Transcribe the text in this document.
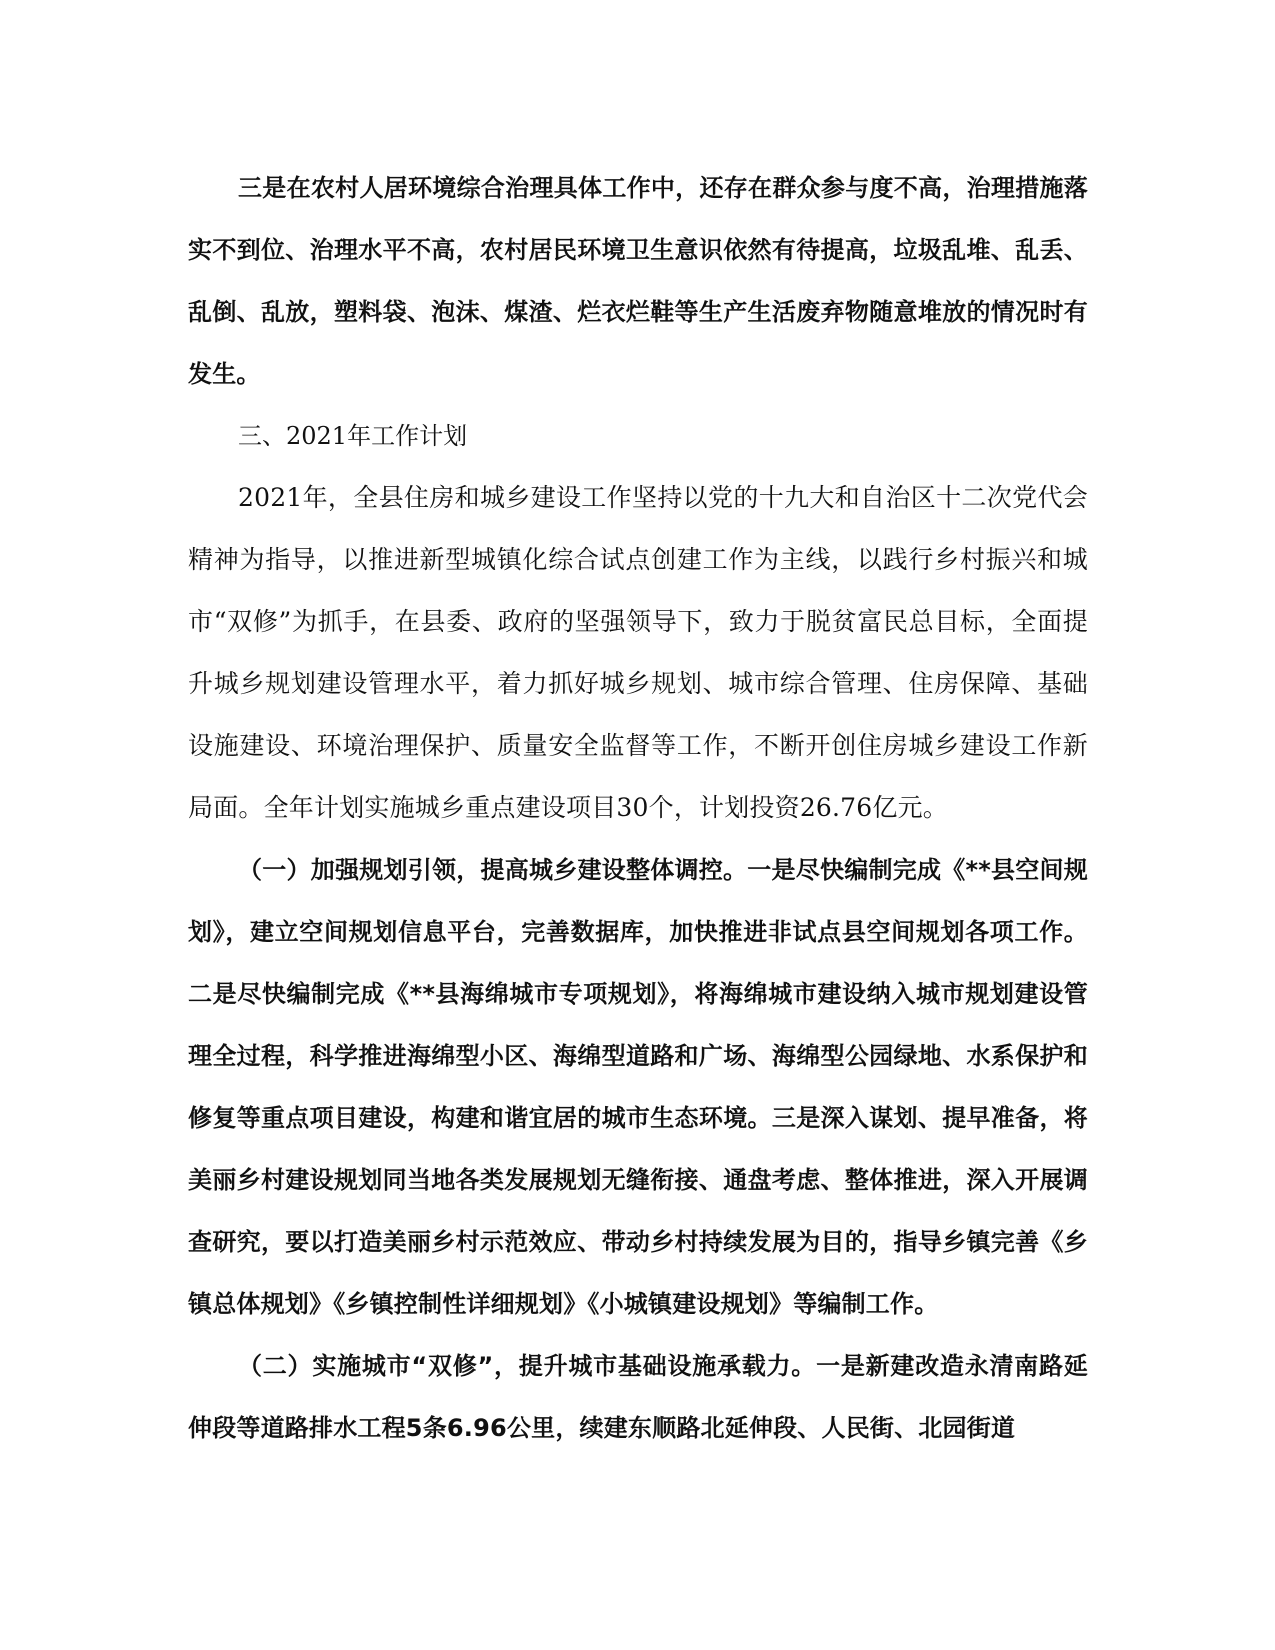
三是在农村人居环境综合治理具体工作中，还存在群众参与度不高，治理措施落实不到位、治理水平不高，农村居民环境卫生意识依然有待提高，垃圾乱堆、乱丢、乱倒、乱放，塑料袋、泡沫、煤渣、烂衣烂鞋等生产生活废弃物随意堆放的情况时有发生。

三、2021年工作计划

2021年，全县住房和城乡建设工作坚持以党的十九大和自治区十二次党代会精神为指导，以推进新型城镇化综合试点创建工作为主线，以践行乡村振兴和城市“双修”为抓手，在县委、政府的坚强领导下，致力于脱贫富民总目标，全面提升城乡规划建设管理水平，着力抓好城乡规划、城市综合管理、住房保障、基础设施建设、环境治理保护、质量安全监督等工作，不断开创住房城乡建设工作新局面。全年计划实施城乡重点建设项目30个，计划投资26.76亿元。

（一）加强规划引领，提高城乡建设整体调控。一是尽快编制完成《**县空间规划》，建立空间规划信息平台，完善数据库，加快推进非试点县空间规划各项工作。二是尽快编制完成《**县海绵城市专项规划》，将海绵城市建设纳入城市规划建设管理全过程，科学推进海绵型小区、海绵型道路和广场、海绵型公园绿地、水系保护和修复等重点项目建设，构建和谐宜居的城市生态环境。三是深入谋划、提早准备，将美丽乡村建设规划同当地各类发展规划无缝衔接、通盘考虑、整体推进，深入开展调查研究，要以打造美丽乡村示范效应、带动乡村持续发展为目的，指导乡镇完善《乡镇总体规划》《乡镇控制性详细规划》《小城镇建设规划》等编制工作。

（二）实施城市“双修”，提升城市基础设施承载力。一是新建改造永清南路延伸段等道路排水工程5条6.96公里，续建东顺路北延伸段、人民街、北园街道
